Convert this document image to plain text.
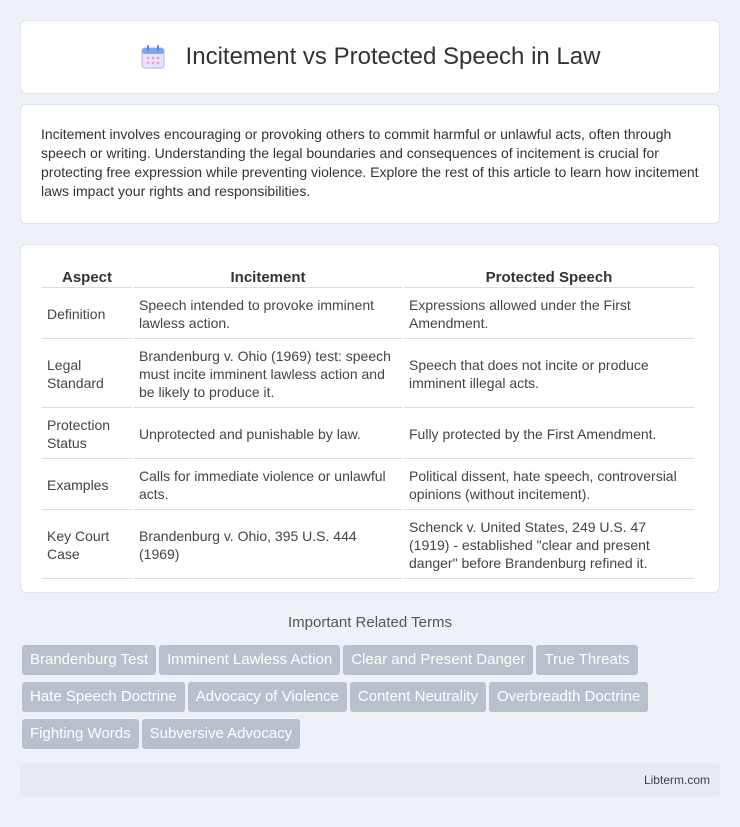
Incitement vs Protected Speech in Law

Incitement involves encouraging or provoking others to commit harmful or unlawful acts, often through speech or writing. Understanding the legal boundaries and consequences of incitement is crucial for protecting free expression while preventing violence. Explore the rest of this article to learn how incitement laws impact your rights and responsibilities.

Aspect	Incitement	Protected Speech
Definition	Speech intended to provoke imminent lawless action.	Expressions allowed under the First Amendment.
Legal Standard	Brandenburg v. Ohio (1969) test: speech must incite imminent lawless action and be likely to produce it.	Speech that does not incite or produce imminent illegal acts.
Protection Status	Unprotected and punishable by law.	Fully protected by the First Amendment.
Examples	Calls for immediate violence or unlawful acts.	Political dissent, hate speech, controversial opinions (without incitement).
Key Court Case	Brandenburg v. Ohio, 395 U.S. 444 (1969)	Schenck v. United States, 249 U.S. 47 (1919) - established "clear and present danger" before Brandenburg refined it.
Important Related Terms
Brandenburg Test Imminent Lawless Action Clear and Present Danger True Threats
Hate Speech Doctrine Advocacy of Violence Content Neutrality Overbreadth Doctrine
Fighting Words Subversive Advocacy
Libterm.com
